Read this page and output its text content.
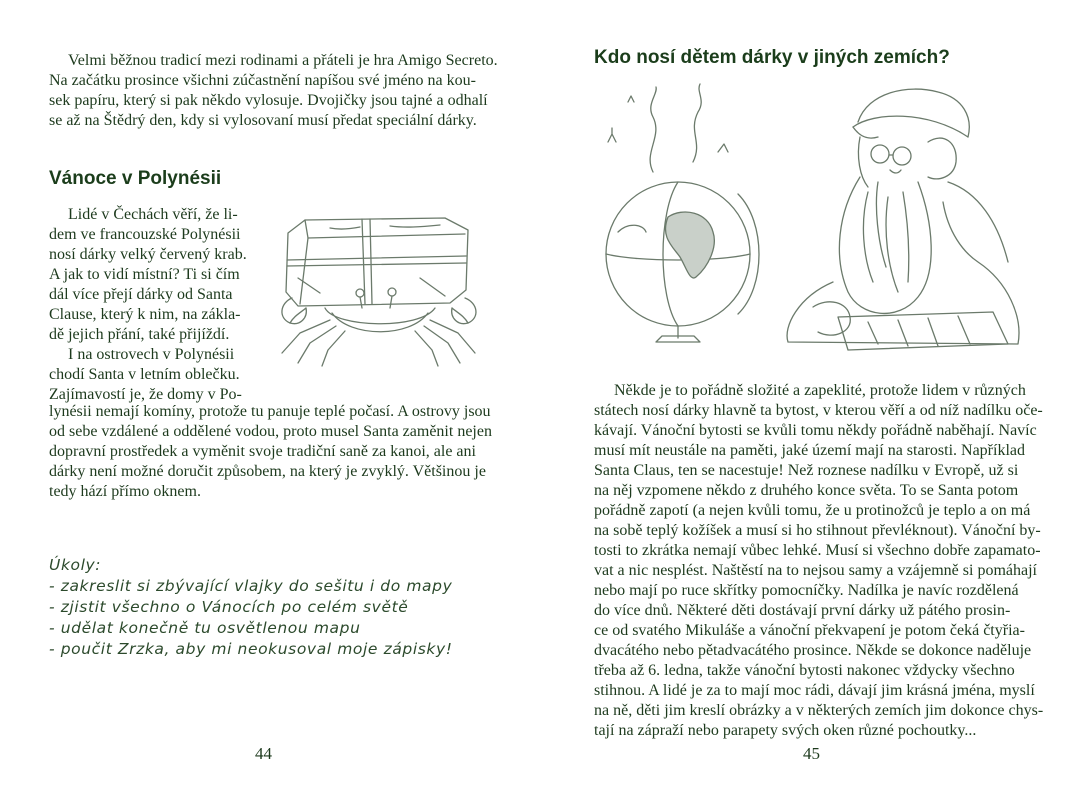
Velmi běžnou tradicí mezi rodinami a přáteli je hra Amigo Secreto.
Na začátku prosince všichni zúčastnění napíšou své jméno na kou-
sek papíru, který si pak někdo vylosuje. Dvojičky jsou tajné a odhalí
se až na Štědrý den, kdy si vylosovaní musí předat speciální dárky.
Vánoce v Polynésii
Lidé v Čechách věří, že li-
dem ve francouzské Polynésii
nosí dárky velký červený krab.
A jak to vidí místní? Ti si čím
dál více přejí dárky od Santa
Clause, který k nim, na zákla-
dě jejich přání, také přijíždí.
I na ostrovech v Polynésii
chodí Santa v letním oblečku.
Zajímavostí je, že domy v Po-
lynésii nemají komíny, protože tu panuje teplé počasí. A ostrovy jsou
od sebe vzdálené a oddělené vodou, proto musel Santa zaměnit nejen
dopravní prostředek a vyměnit svoje tradiční saně za kanoi, ale ani
dárky není možné doručit způsobem, na který je zvyklý. Většinou je
tedy hází přímo oknem.
Úkoly:
- zakreslit si zbývající vlajky do sešitu i do mapy
- zjistit všechno o Vánocích po celém světě
- udělat konečně tu osvětlenou mapu
- poučit Zrzka, aby mi neokusoval moje zápisky!
44
Kdo nosí dětem dárky v jiných zemích?
Někde je to pořádně složité a zapeklité, protože lidem v různých
státech nosí dárky hlavně ta bytost, v kterou věří a od níž nadílku oče-
kávají. Vánoční bytosti se kvůli tomu někdy pořádně naběhají. Navíc
musí mít neustále na paměti, jaké území mají na starosti. Například
Santa Claus, ten se nacestuje! Než roznese nadílku v Evropě, už si
na něj vzpomene někdo z druhého konce světa. To se Santa potom
pořádně zapotí (a nejen kvůli tomu, že u protinožců je teplo a on má
na sobě teplý kožíšek a musí si ho stihnout převléknout). Vánoční by-
tosti to zkrátka nemají vůbec lehké. Musí si všechno dobře zapamato-
vat a nic nesplést. Naštěstí na to nejsou samy a vzájemně si pomáhají
nebo mají po ruce skřítky pomocníčky. Nadílka je navíc rozdělená
do více dnů. Některé děti dostávají první dárky už pátého prosin-
ce od svatého Mikuláše a vánoční překvapení je potom čeká čtyřia-
dvacátého nebo pětadvacátého prosince. Někde se dokonce naděluje
třeba až 6. ledna, takže vánoční bytosti nakonec vždycky všechno
stihnou. A lidé je za to mají moc rádi, dávají jim krásná jména, myslí
na ně, děti jim kreslí obrázky a v některých zemích jim dokonce chys-
tají na zápraží nebo parapety svých oken různé pochoutky...
45
